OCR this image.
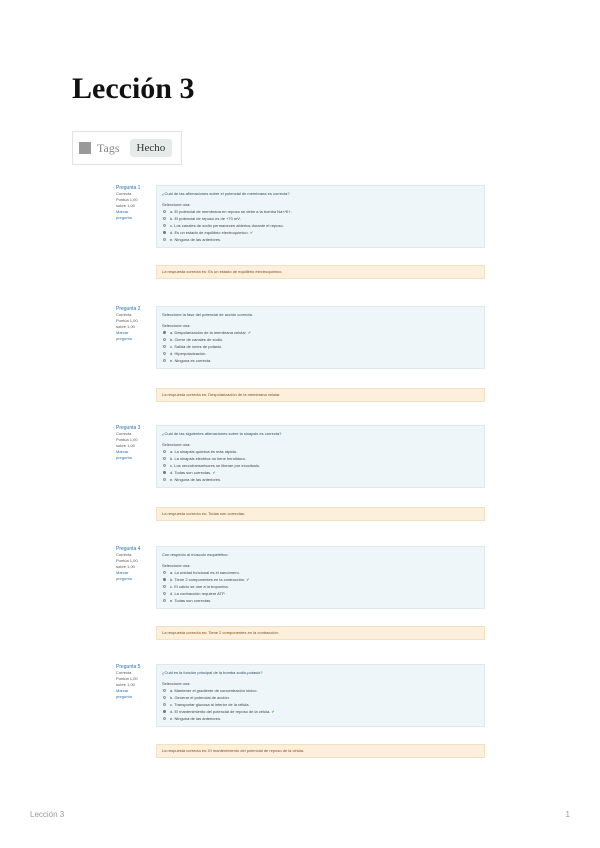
Lección 3
Tags	Hecho
Pregunta 1
Correcta
Puntúa 1,00
sobre 1,00
Marcar
pregunta
¿Cuál de las afirmaciones sobre el potencial de membrana es correcta?
Seleccione una:
a. El potencial de membrana en reposo se debe a la bomba Na+/K+.
b. El potencial de reposo es de +70 mV.
c. Los canales de sodio permanecen abiertos durante el reposo.
d. Es un estado de equilibrio electroquímico. ✔
e. Ninguna de las anteriores.
La respuesta correcta es: Es un estado de equilibrio electroquímico.
Pregunta 2
Correcta
Puntúa 1,00
sobre 1,00
Marcar
pregunta
Seleccione la fase del potencial de acción correcta.
Seleccione una:
a. Despolarización de la membrana celular. ✔
b. Cierre de canales de sodio.
c. Salida de iones de potasio.
d. Hiperpolarización.
e. Ninguna es correcta.
La respuesta correcta es: Despolarización de la membrana celular.
Pregunta 3
Correcta
Puntúa 1,00
sobre 1,00
Marcar
pregunta
¿Cuál de las siguientes afirmaciones sobre la sinapsis es correcta?
Seleccione una:
a. La sinapsis química es más rápida.
b. La sinapsis eléctrica no tiene hendidura.
c. Los neurotransmisores se liberan por exocitosis.
d. Todas son correctas. ✔
e. Ninguna de las anteriores.
La respuesta correcta es: Todas son correctas.
Pregunta 4
Correcta
Puntúa 1,00
sobre 1,00
Marcar
pregunta
Con respecto al músculo esquelético:
Seleccione una:
a. La unidad funcional es el sarcómero.
b. Tiene 2 componentes en la contracción. ✔
c. El calcio se une a la troponina.
d. La contracción requiere ATP.
e. Todas son correctas.
La respuesta correcta es: Tiene 2 componentes en la contracción.
Pregunta 5
Correcta
Puntúa 1,00
sobre 1,00
Marcar
pregunta
¿Cuál es la función principal de la bomba sodio-potasio?
Seleccione una:
a. Mantener el gradiente de concentración iónico.
b. Generar el potencial de acción.
c. Transportar glucosa al interior de la célula.
d. El mantenimiento del potencial de reposo de la célula. ✔
e. Ninguna de las anteriores.
La respuesta correcta es: El mantenimiento del potencial de reposo de la célula.
Lección 3	1
